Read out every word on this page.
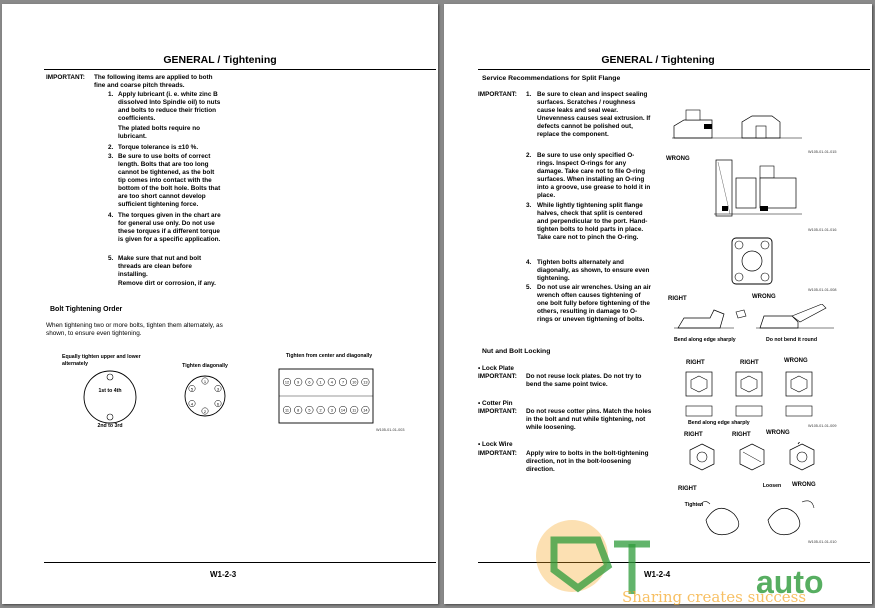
GENERAL / Tightening
IMPORTANT: The following items are applied to both fine and coarse pitch threads.
1. Apply lubricant (i. e. white zinc B dissolved Into Spindle oil) to nuts and bolts to reduce their friction coefficients.
The plated bolts require no lubricant.
2. Torque tolerance is ±10 %.
3. Be sure to use bolts of correct length. Bolts that are too long cannot be tightened, as the bolt tip comes into contact with the bottom of the bolt hole. Bolts that are too short cannot develop sufficient tightening force.
4. The torques given in the chart are for general use only. Do not use these torques if a different torque is given for a specific application.
5. Make sure that nut and bolt threads are clean before installing.
Remove dirt or corrosion, if any.
Bolt Tightening Order
When tightening two or more bolts, tighten them alternately, as shown, to ensure even tightening.
Equally tighten upper and lower alternately
1st to 4th
2nd to 3rd
Tighten diagonally
1
2
3
4
5
6
Tighten from center and diagonally
12 9 6 1 4 7 10 13
11 8 5 2 3 14 11 14
W105-01-01-003
W1-2-3
GENERAL / Tightening
Service Recommendations for Split Flange
IMPORTANT: 1. Be sure to clean and inspect sealing surfaces. Scratches / roughness cause leaks and seal wear. Unevenness causes seal extrusion. If defects cannot be polished out, replace the component.
2. Be sure to use only specified O-rings. Inspect O-rings for any damage. Take care not to file O-ring surfaces. When installing an O-ring into a groove, use grease to hold it in place.
3. While lightly tightening split flange halves, check that split is centered and perpendicular to the port. Hand-tighten bolts to hold parts in place. Take care not to pinch the O-ring.
4. Tighten bolts alternately and diagonally, as shown, to ensure even tightening.
5. Do not use air wrenches. Using an air wrench often causes tightening of one bolt fully before tightening of the others, resulting in damage to O-rings or uneven tightening of bolts.
Nut and Bolt Locking
• Lock Plate
IMPORTANT: Do not reuse lock plates. Do not try to bend the same point twice.
• Cotter Pin
IMPORTANT: Do not reuse cotter pins. Match the holes in the bolt and nut while tightening, not while loosening.
• Lock Wire
IMPORTANT: Apply wire to bolts in the bolt-tightening direction, not in the bolt-loosening direction.
W105-01-01-015
WRONG
W105-01-01-016
W105-01-01-008
RIGHT	WRONG
Bend along edge sharply	Do not bend it round
RIGHT	RIGHT	WRONG
Bend along edge sharply	W105-01-01-009
RIGHT	RIGHT	WRONG
RIGHT	Loosen	WRONG
Tighten
W105-01-01-010
W1-2-4	auto
Sharing creates success
